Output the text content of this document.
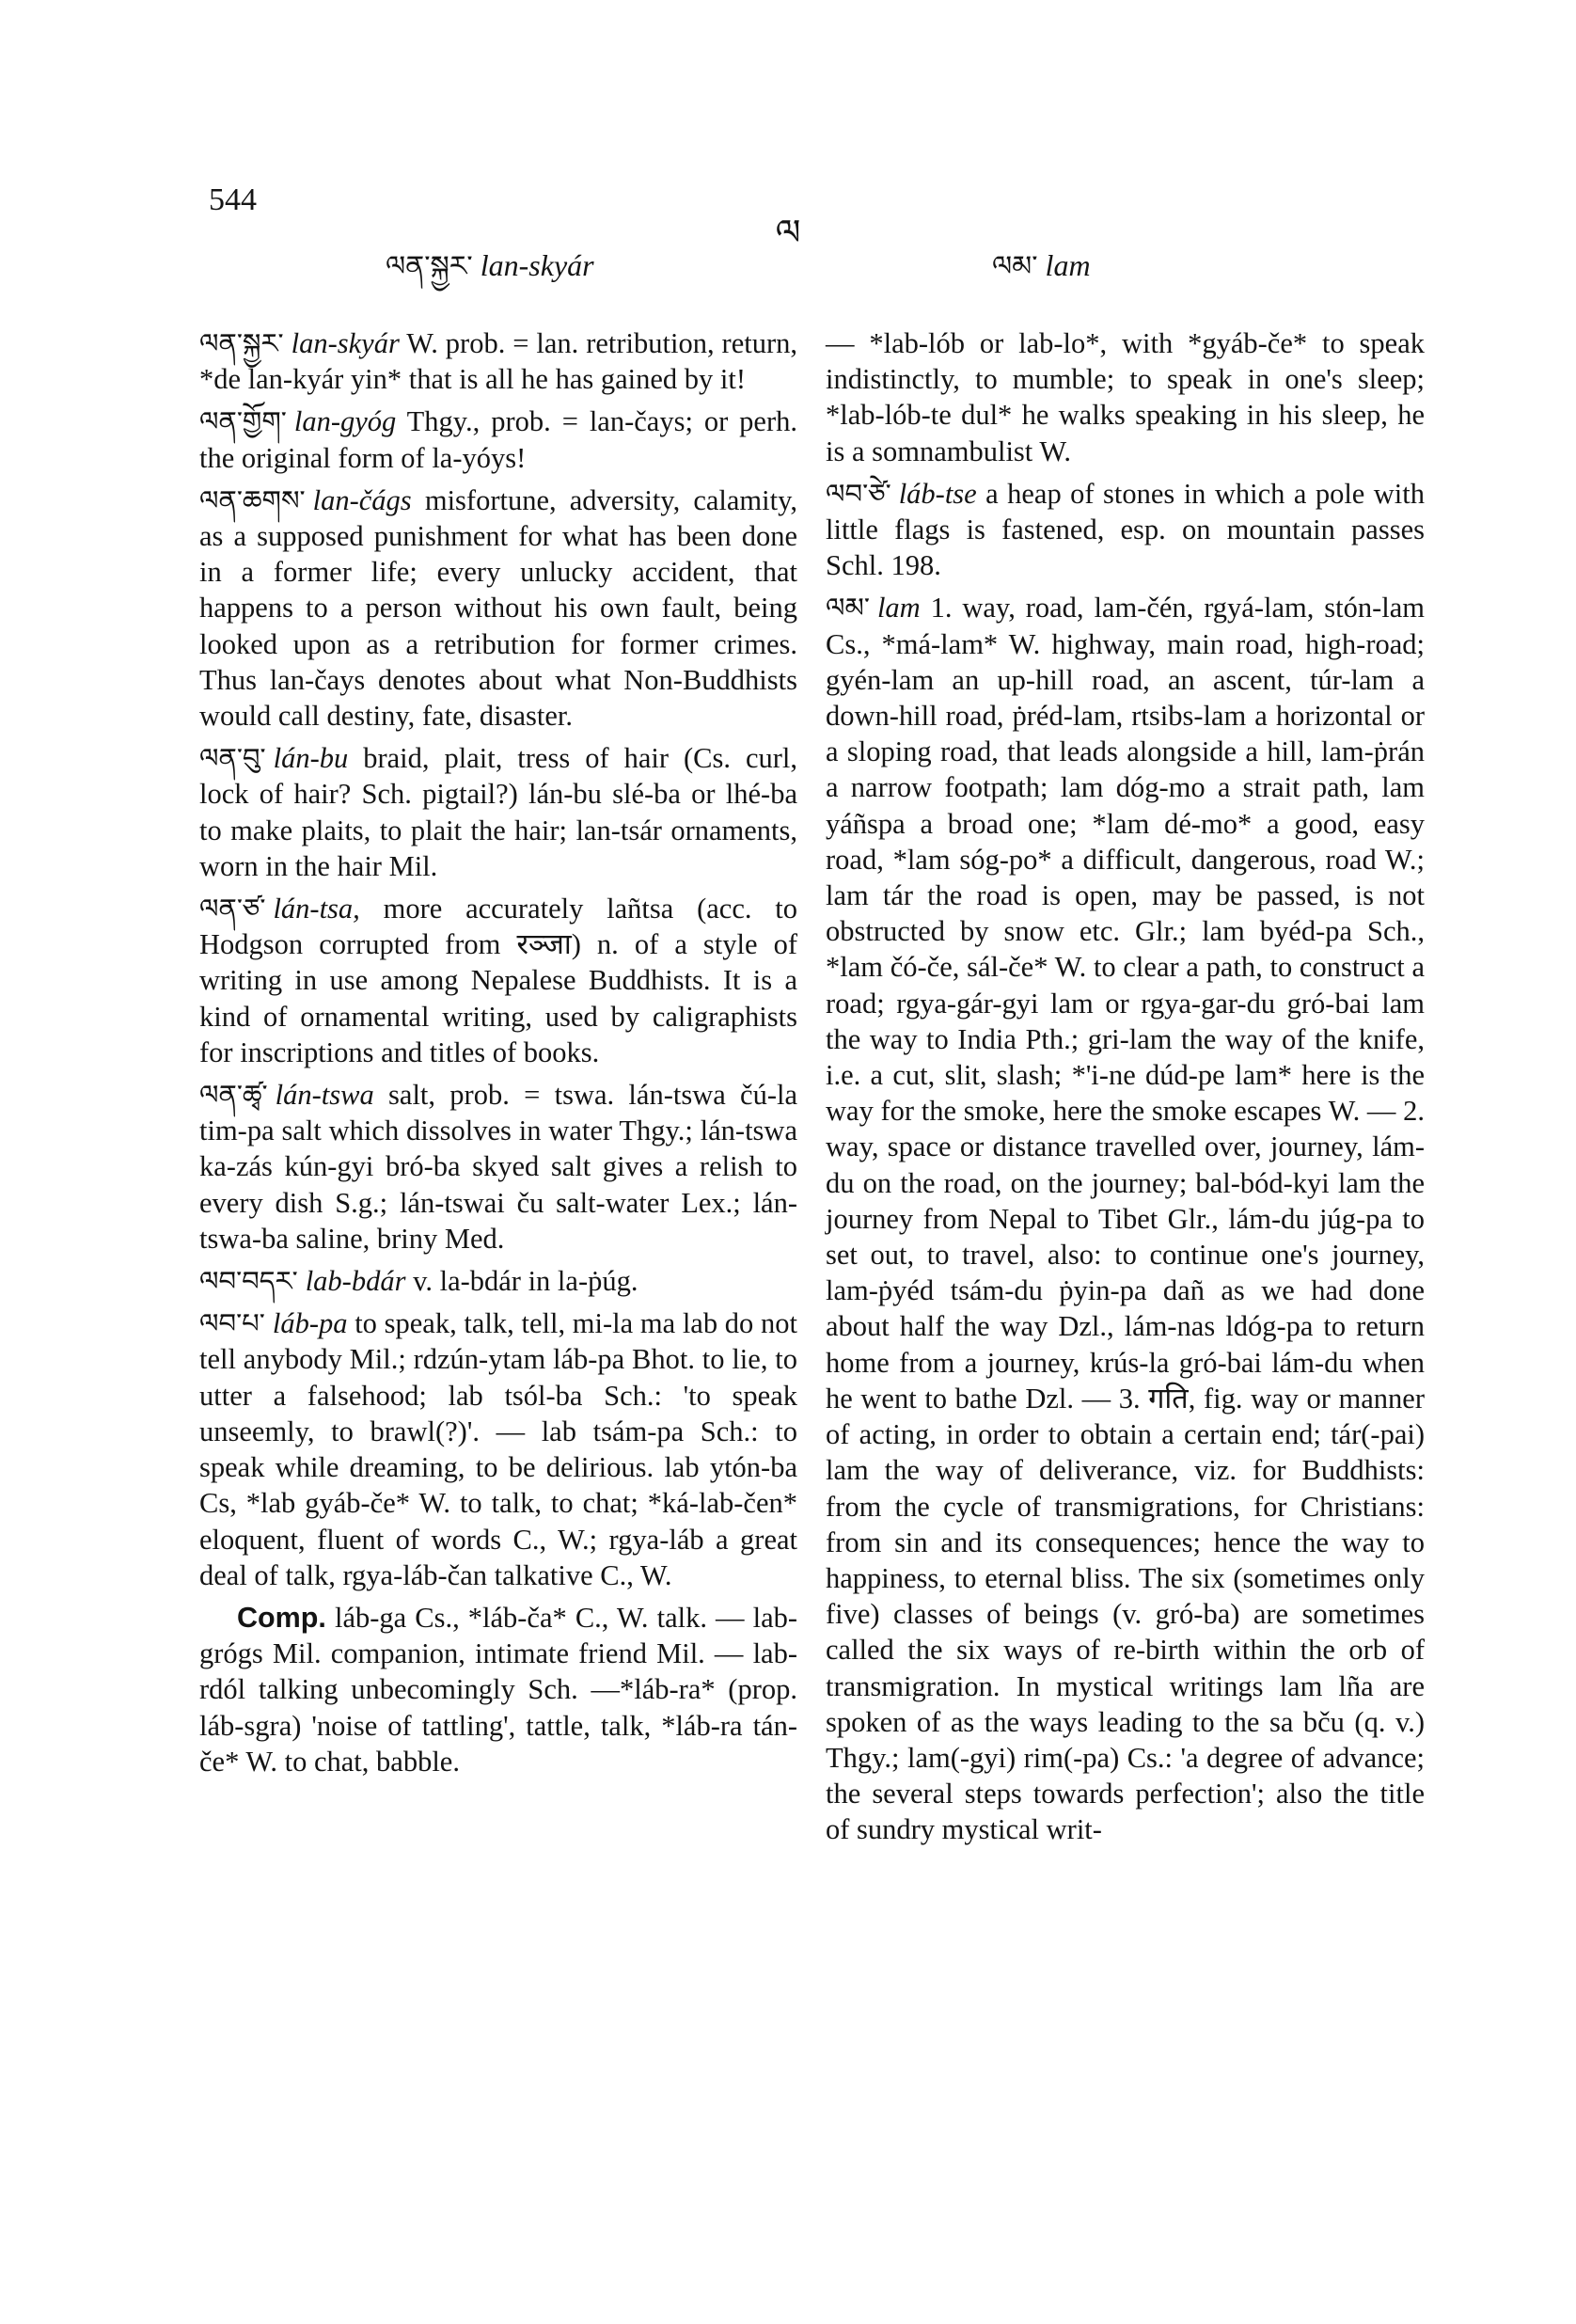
544
ལ
ལན་སྐྱར་ lan-skyár	ལམ་ lam

ལན་སྐྱར་ lan-skyár W. prob. = lan. retribution, return, *de lan-kyár yin* that is all he has gained by it!

ལན་གྱོག་ lan-gyóg Thgy., prob. = lan-čays; or perh. the original form of la-yóys!

ལན་ཆགས་ lan-čágs misfortune, adversity, calamity, as a supposed punishment for what has been done in a former life; every unlucky accident, that happens to a person without his own fault, being looked upon as a retribution for former crimes. Thus lan-čays denotes about what Non-Buddhists would call destiny, fate, disaster.

ལན་བུ་ lán-bu braid, plait, tress of hair (Cs. curl, lock of hair? Sch. pigtail?) lán-bu slé-ba or lhé-ba to make plaits, to plait the hair; lan-tsár ornaments, worn in the hair Mil.

ལན་ཙ་ lán-tsa, more accurately lañtsa (acc. to Hodgson corrupted from रञ्जा) n. of a style of writing in use among Nepalese Buddhists. It is a kind of ornamental writing, used by caligraphists for inscriptions and titles of books.

ལན་ཚྭ་ lán-tswa salt, prob. = tswa. lán-tswa čú-la tim-pa salt which dissolves in water Thgy.; lán-tswa ka-zás kún-gyi bró-ba skyed salt gives a relish to every dish S.g.; lán-tswai ču salt-water Lex.; lán-tswa-ba saline, briny Med.

ལབ་བདར་ lab-bdár v. la-bdár in la-ṗúg.

ལབ་པ་ láb-pa to speak, talk, tell, mi-la ma lab do not tell anybody Mil.; rdzún-ytam láb-pa Bhot. to lie, to utter a falsehood; lab tsól-ba Sch.: 'to speak unseemly, to brawl(?)'. — lab tsám-pa Sch.: to speak while dreaming, to be delirious. lab ytón-ba Cs, *lab gyáb-če* W. to talk, to chat; *ká-lab-čen* eloquent, fluent of words C., W.; rgya-láb a great deal of talk, rgya-láb-čan talkative C., W.

Comp. láb-ga Cs., *láb-ča* C., W. talk. — lab-grógs Mil. companion, intimate friend Mil. — lab-rdól talking unbecomingly Sch. —*láb-ra* (prop. láb-sgra) 'noise of tattling', tattle, talk, *láb-ra tán-če* W. to chat, babble.

— *lab-lób or lab-lo*, with *gyáb-če* to speak indistinctly, to mumble; to speak in one's sleep; *lab-lób-te dul* he walks speaking in his sleep, he is a somnambulist W.

ལབ་ཙེ་ láb-tse a heap of stones in which a pole with little flags is fastened, esp. on mountain passes Schl. 198.

ལམ་ lam 1. way, road, lam-čén, rgyá-lam, stón-lam Cs., *má-lam* W. highway, main road, high-road; gyén-lam an up-hill road, an ascent, túr-lam a down-hill road, ṗréd-lam, rtsibs-lam a horizontal or a sloping road, that leads alongside a hill, lam-ṗrán a narrow footpath; lam dóg-mo a strait path, lam yáñspa a broad one; *lam dé-mo* a good, easy road, *lam sóg-po* a difficult, dangerous, road W.; lam tár the road is open, may be passed, is not obstructed by snow etc. Glr.; lam byéd-pa Sch., *lam čó-če, sál-če* W. to clear a path, to construct a road; rgya-gár-gyi lam or rgya-gar-du gró-bai lam the way to India Pth.; gri-lam the way of the knife, i.e. a cut, slit, slash; *'i-ne dúd-pe lam* here is the way for the smoke, here the smoke escapes W. — 2. way, space or distance travelled over, journey, lám-du on the road, on the journey; bal-bód-kyi lam the journey from Nepal to Tibet Glr., lám-du júg-pa to set out, to travel, also: to continue one's journey, lam-ṗyéd tsám-du ṗyin-pa dañ as we had done about half the way Dzl., lám-nas ldóg-pa to return home from a journey, krús-la gró-bai lám-du when he went to bathe Dzl. — 3. गति, fig. way or manner of acting, in order to obtain a certain end; tár(-pai) lam the way of deliverance, viz. for Buddhists: from the cycle of transmigrations, for Christians: from sin and its consequences; hence the way to happiness, to eternal bliss. The six (sometimes only five) classes of beings (v. gró-ba) are sometimes called the six ways of re-birth within the orb of transmigration. In mystical writings lam lña are spoken of as the ways leading to the sa bču (q. v.) Thgy.; lam(-gyi) rim(-pa) Cs.: 'a degree of advance; the several steps towards perfection'; also the title of sundry mystical writ-
